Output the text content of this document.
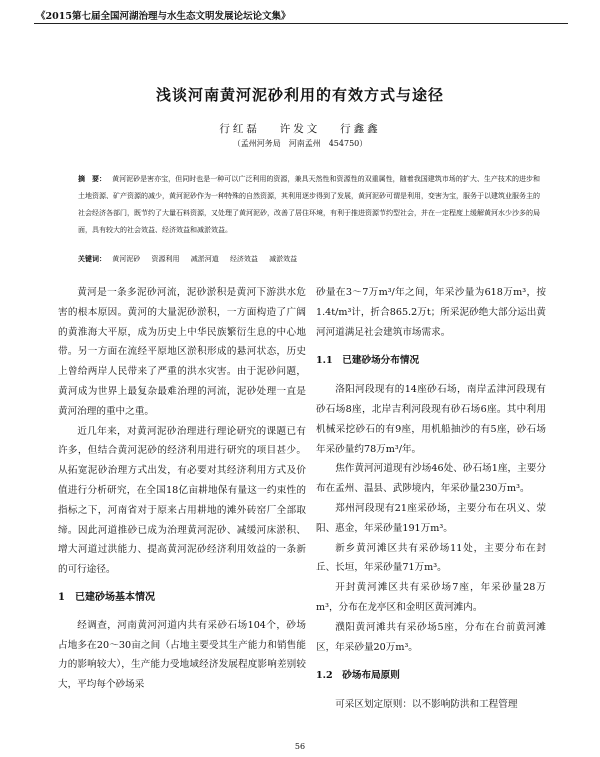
《2015第七届全国河湖治理与水生态文明发展论坛论文集》
浅谈河南黄河泥砂利用的有效方式与途径
行红磊　 许发文　 行鑫鑫
（孟州河务局　河南孟州　454750）
摘　要： 黄河泥砂是害亦宝，但同时也是一种可以广泛利用的资源，兼具天然性和资源性的双重属性，随着我国建筑市场的扩大、生产技术的进步和土地资源、矿产资源的减少，黄河泥砂作为一种特殊的自然资源，其利用逐步得到了发展，黄河泥砂可谓是利用，变害为宝，服务于以建筑业服务主的社会经济各部门，既节约了大量石料资源，又处理了黄河泥砂，改善了居住环境，有利于推进资源节约型社会，并在一定程度上缓解黄河水少沙多的局面，具有较大的社会效益、经济效益和减淤效益。
关键词： 黄河泥砂 资源利用 减淤河道 经济效益 减淤效益

黄河是一条多泥砂河流，泥砂淤积是黄河下游洪水危害的根本原因。黄河的大量泥砂淤积，一方面构造了广阔的黄淮海大平原，成为历史上中华民族繁衍生息的中心地带。另一方面在流经平原地区淤积形成的悬河状态，历史上曾给两岸人民带来了严重的洪水灾害。由于泥砂问题，黄河成为世界上最复杂最难治理的河流，泥砂处理一直是黄河治理的重中之重。

近几年来，对黄河泥砂治理进行理论研究的课题已有许多，但结合黄河泥砂的经济利用进行研究的项目甚少。从拓宽泥砂治理方式出发，有必要对其经济利用方式及价值进行分析研究，在全国18亿亩耕地保有量这一约束性的指标之下，河南省对于原来占用耕地的滩外砖窑厂全部取缔。因此河道推砂已成为治理黄河泥砂、减缓河床淤积、增大河道过洪能力、提高黄河泥砂经济利用效益的一条新的可行途径。

1　已建砂场基本情况

经调查，河南黄河河道内共有采砂石场104个，砂场占地多在20～30亩之间（占地主要受其生产能力和销售能力的影响较大），生产能力受地域经济发展程度影响差别较大，平均每个砂场采

砂量在3～7万m³/年之间，年采沙量为618万m³，按1.4t/m³计，折合865.2万t；所采泥砂绝大部分运出黄河河道满足社会建筑市场需求。

1.1　已建砂场分布情况

洛阳河段现有的14座砂石场，南岸孟津河段现有砂石场8座，北岸吉利河段现有砂石场6座。其中利用机械采挖砂石的有9座，用机船抽沙的有5座，砂石场年采砂量约78万m³/年。

焦作黄河河道现有沙场46处、砂石场1座，主要分布在孟州、温县、武陟境内，年采砂量230万m³。

郑州河段现有21座采砂场，主要分布在巩义、荥阳、惠金，年采砂量191万m³。

新乡黄河滩区共有采砂场11处，主要分布在封丘、长垣，年采砂量71万m³。

开封黄河滩区共有采砂场7座，年采砂量28万m³，分布在龙亭区和金明区黄河滩内。

濮阳黄河滩共有采砂场5座，分布在台前黄河滩区，年采砂量20万m³。

1.2　砂场布局原则

可采区划定原则：以不影响防洪和工程管理

56
